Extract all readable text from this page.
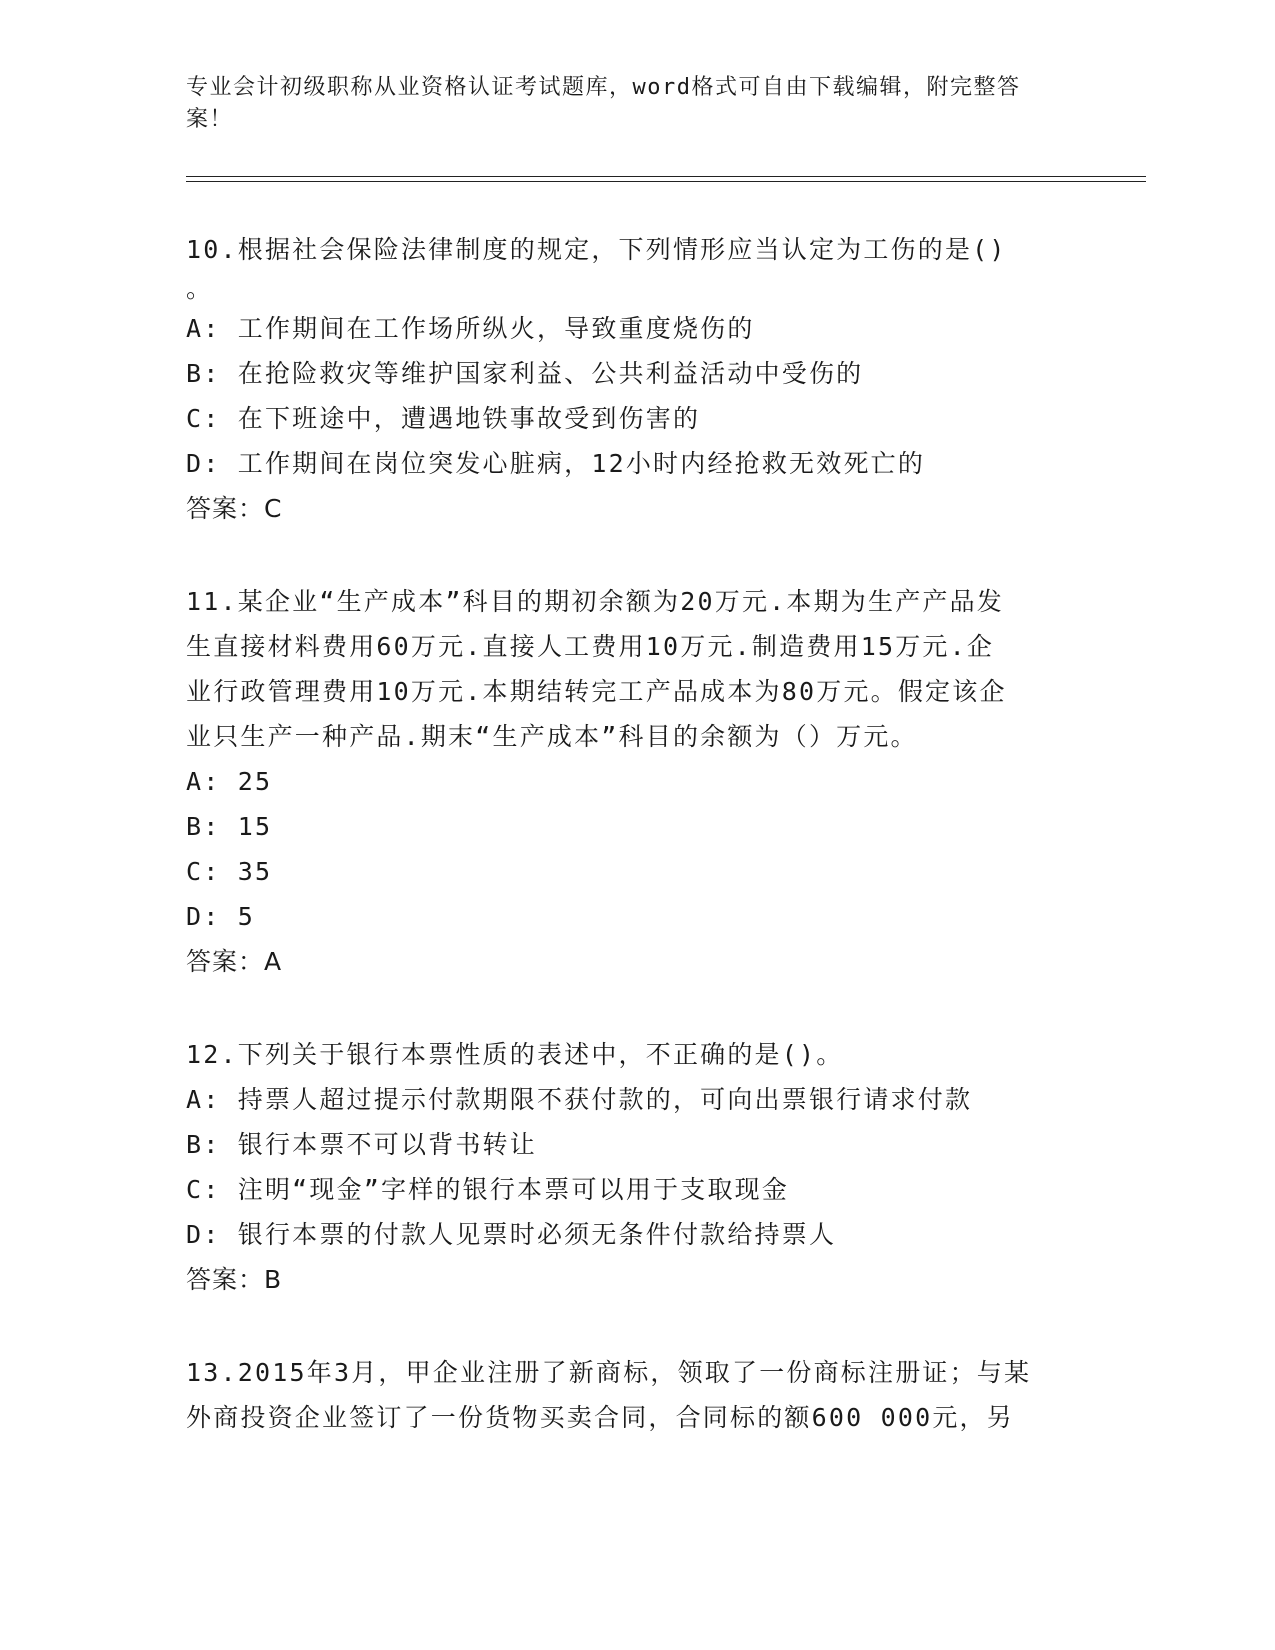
专业会计初级职称从业资格认证考试题库，word格式可自由下载编辑，附完整答案！
10.根据社会保险法律制度的规定，下列情形应当认定为工伤的是()
。
A: 工作期间在工作场所纵火，导致重度烧伤的
B: 在抢险救灾等维护国家利益、公共利益活动中受伤的
C: 在下班途中，遭遇地铁事故受到伤害的
D: 工作期间在岗位突发心脏病，12小时内经抢救无效死亡的
答案：C
11.某企业“生产成本”科目的期初余额为20万元.本期为生产产品发
生直接材料费用60万元.直接人工费用10万元.制造费用15万元.企
业行政管理费用10万元.本期结转完工产品成本为80万元。假定该企
业只生产一种产品.期末“生产成本”科目的余额为（）万元。
A: 25
B: 15
C: 35
D: 5
答案：A
12.下列关于银行本票性质的表述中，不正确的是()。
A: 持票人超过提示付款期限不获付款的，可向出票银行请求付款
B: 银行本票不可以背书转让
C: 注明“现金”字样的银行本票可以用于支取现金
D: 银行本票的付款人见票时必须无条件付款给持票人
答案：B
13.2015年3月，甲企业注册了新商标，领取了一份商标注册证；与某
外商投资企业签订了一份货物买卖合同，合同标的额600 000元，另
